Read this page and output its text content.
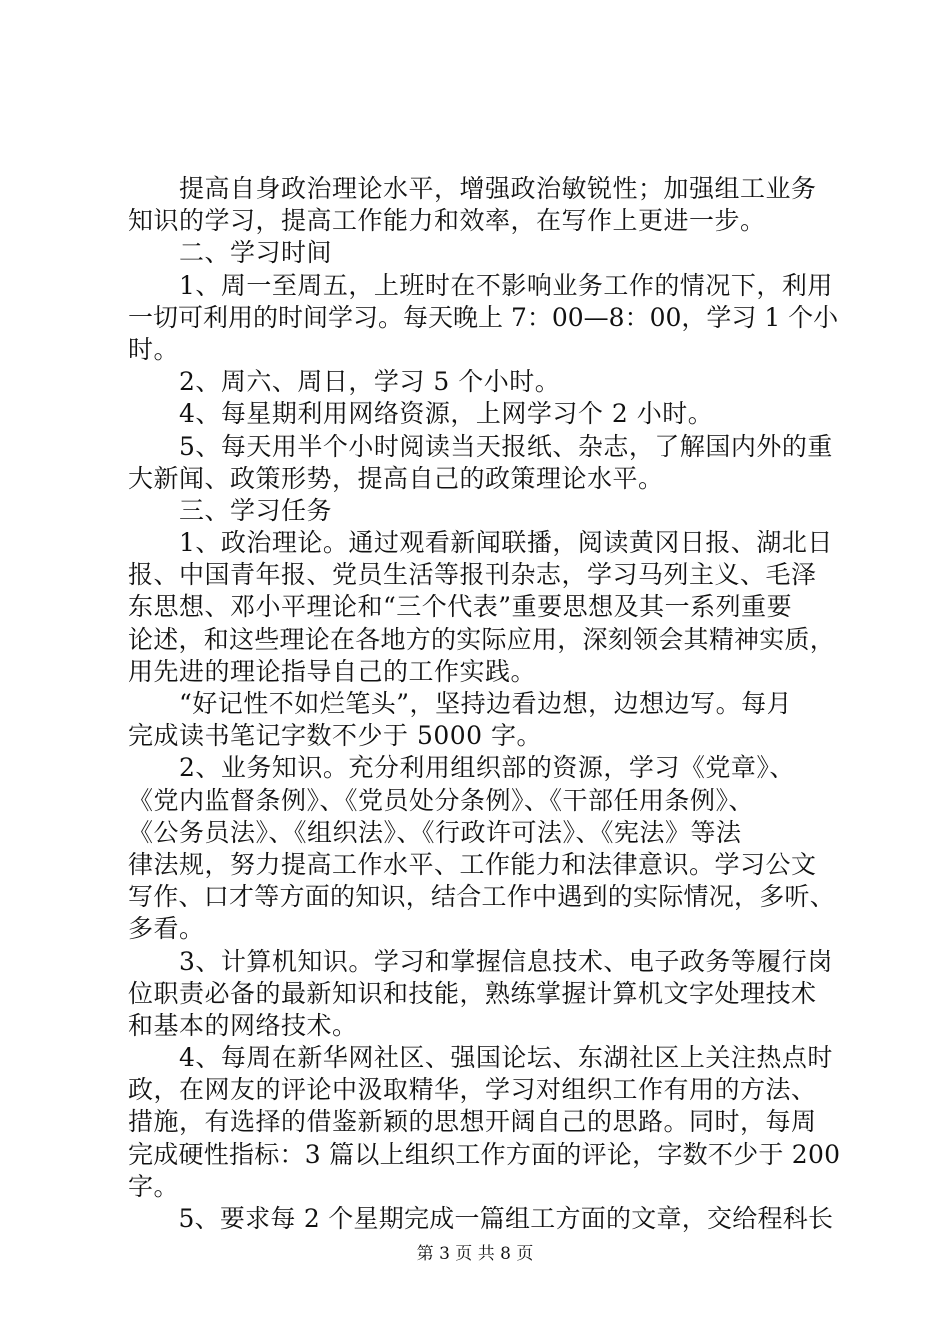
　　提高自身政治理论水平，增强政治敏锐性；加强组工业务
知识的学习，提高工作能力和效率，在写作上更进一步。
　　二、学习时间
　　1、周一至周五，上班时在不影响业务工作的情况下，利用
一切可利用的时间学习。每天晚上 7：00—8：00，学习 1 个小
时。
　　2、周六、周日，学习 5 个小时。
　　4、每星期利用网络资源，上网学习个 2 小时。
　　5、每天用半个小时阅读当天报纸、杂志，了解国内外的重
大新闻、政策形势，提高自己的政策理论水平。
　　三、学习任务
　　1、政治理论。通过观看新闻联播，阅读黄冈日报、湖北日
报、中国青年报、党员生活等报刊杂志，学习马列主义、毛泽
东思想、邓小平理论和“三个代表”重要思想及其一系列重要
论述，和这些理论在各地方的实际应用，深刻领会其精神实质，
用先进的理论指导自己的工作实践。
　　“好记性不如烂笔头”，坚持边看边想，边想边写。每月
完成读书笔记字数不少于 5000 字。
　　2、业务知识。充分利用组织部的资源，学习《党章》、
《党内监督条例》、《党员处分条例》、《干部任用条例》、
《公务员法》、《组织法》、《行政许可法》、《宪法》等法
律法规，努力提高工作水平、工作能力和法律意识。学习公文
写作、口才等方面的知识，结合工作中遇到的实际情况，多听、
多看。
　　3、计算机知识。学习和掌握信息技术、电子政务等履行岗
位职责必备的最新知识和技能，熟练掌握计算机文字处理技术
和基本的网络技术。
　　4、每周在新华网社区、强国论坛、东湖社区上关注热点时
政，在网友的评论中汲取精华，学习对组织工作有用的方法、
措施，有选择的借鉴新颖的思想开阔自己的思路。同时，每周
完成硬性指标：3 篇以上组织工作方面的评论，字数不少于 200
字。
　　5、要求每 2 个星期完成一篇组工方面的文章，交给程科长
第 3 页 共 8 页
